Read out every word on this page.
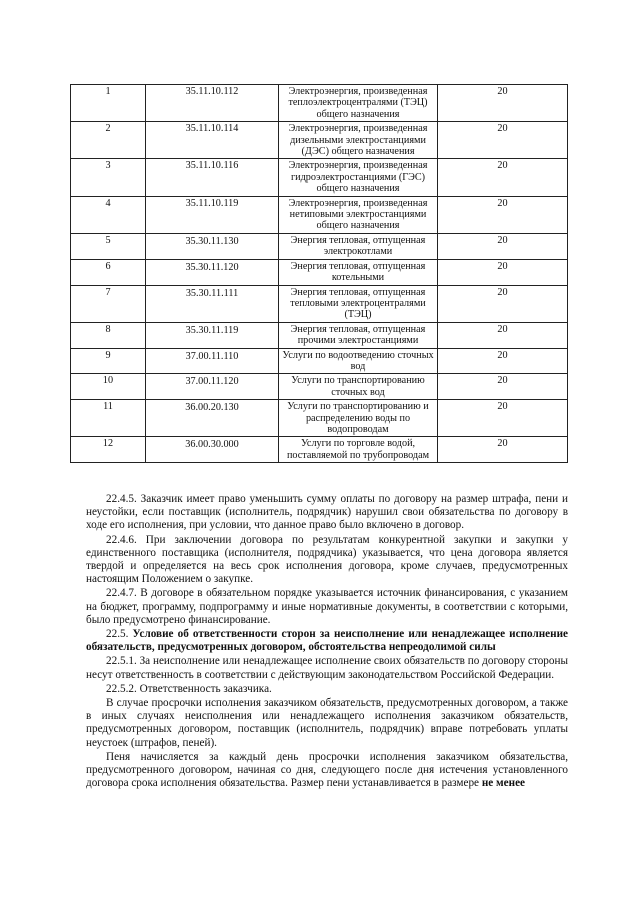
1	35.11.10.112	Электроэнергия, произведенная теплоэлектроцентралями (ТЭЦ) общего назначения	20
2	35.11.10.114	Электроэнергия, произведенная дизельными электростанциями (ДЭС) общего назначения	20
3	35.11.10.116	Электроэнергия, произведенная гидроэлектростанциями (ГЭС) общего назначения	20
4	35.11.10.119	Электроэнергия, произведенная нетиповыми электростанциями общего назначения	20
5	35.30.11.130	Энергия тепловая, отпущенная электрокотлами	20
6	35.30.11.120	Энергия тепловая, отпущенная котельными	20
7	35.30.11.111	Энергия тепловая, отпущенная тепловыми электроцентралями (ТЭЦ)	20
8	35.30.11.119	Энергия тепловая, отпущенная прочими электростанциями	20
9	37.00.11.110	Услуги по водоотведению сточных вод	20
10	37.00.11.120	Услуги по транспортированию сточных вод	20
11	36.00.20.130	Услуги по транспортированию и распределению воды по водопроводам	20
12	36.00.30.000	Услуги по торговле водой, поставляемой по трубопроводам	20

22.4.5. Заказчик имеет право уменьшить сумму оплаты по договору на размер штрафа, пени и неустойки, если поставщик (исполнитель, подрядчик) нарушил свои обязательства по договору в ходе его исполнения, при условии, что данное право было включено в договор.

22.4.6. При заключении договора по результатам конкурентной закупки и закупки у единственного поставщика (исполнителя, подрядчика) указывается, что цена договора является твердой и определяется на весь срок исполнения договора, кроме случаев, предусмотренных настоящим Положением о закупке.

22.4.7. В договоре в обязательном порядке указывается источник финансирования, с указанием на бюджет, программу, подпрограмму и иные нормативные документы, в соответствии с которыми, было предусмотрено финансирование.

22.5. Условие об ответственности сторон за неисполнение или ненадлежащее исполнение обязательств, предусмотренных договором, обстоятельства непреодолимой силы

22.5.1. За неисполнение или ненадлежащее исполнение своих обязательств по договору стороны несут ответственность в соответствии с действующим законодательством Российской Федерации.

22.5.2. Ответственность заказчика.

В случае просрочки исполнения заказчиком обязательств, предусмотренных договором, а также в иных случаях неисполнения или ненадлежащего исполнения заказчиком обязательств, предусмотренных договором, поставщик (исполнитель, подрядчик) вправе потребовать уплаты неустоек (штрафов, пеней).

Пеня начисляется за каждый день просрочки исполнения заказчиком обязательства, предусмотренного договором, начиная со дня, следующего после дня истечения установленного договора срока исполнения обязательства. Размер пени устанавливается в размере не менее
